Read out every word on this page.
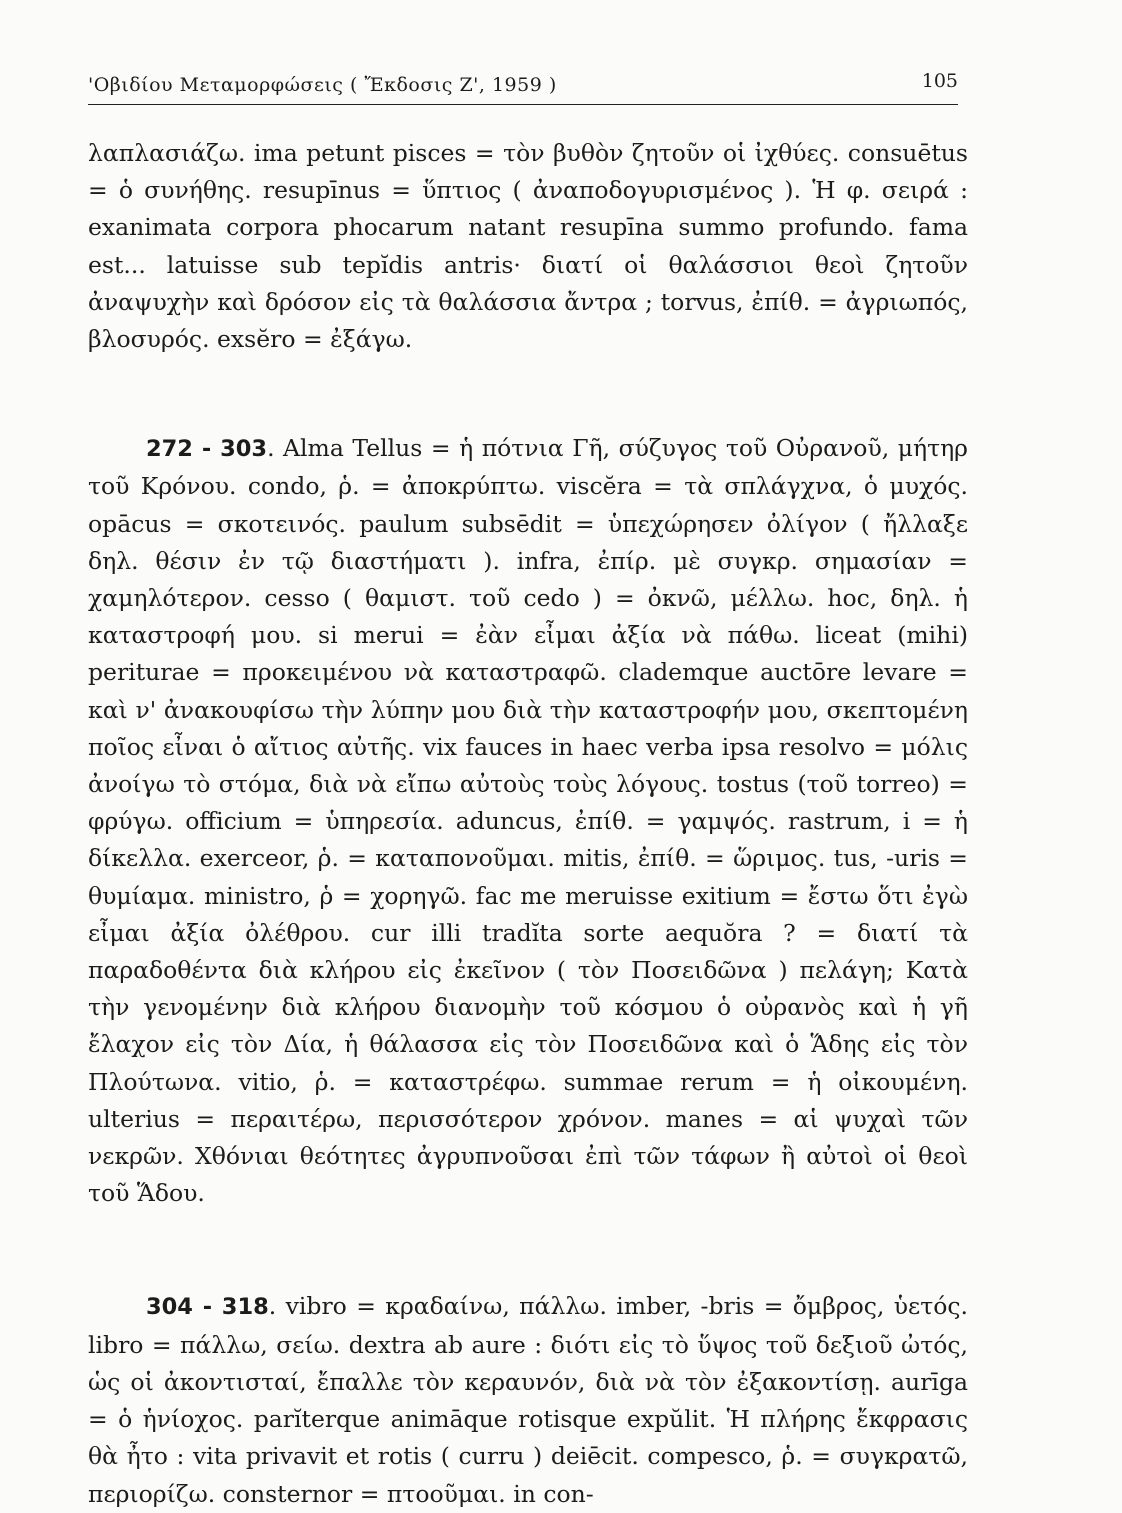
'Οβιδίου Μεταμορφώσεις ( Ἔκδοσις Ζ', 1959 )	105

λαπλασιάζω. ima petunt pisces = τὸν βυθὸν ζητοῦν οἱ ἰχθύες. consuētus = ὁ συνήθης. resupīnus = ὕπτιος ( ἀναποδογυρισμένος ). Ἡ φ. σειρά : exanimata corpora phocarum natant resupīna summo profundo. fama est... latuisse sub tepĭdis antris· διατί οἱ θαλάσσιοι θεοὶ ζητοῦν ἀναψυχὴν καὶ δρόσον εἰς τὰ θαλάσσια ἄντρα ; torvus, ἐπίθ. = ἀγριωπός, βλοσυρός. exsĕro = ἐξάγω.

272 - 303. Alma Tellus = ἡ πότνια Γῆ, σύζυγος τοῦ Οὐρανοῦ, μήτηρ τοῦ Κρόνου. condo, ῥ. = ἀποκρύπτω. viscĕra = τὰ σπλάγχνα, ὁ μυχός. opācus = σκοτεινός. paulum subsēdit = ὑπεχώρησεν ὀλίγον ( ἤλλαξε δηλ. θέσιν ἐν τῷ διαστήματι ). infra, ἐπίρ. μὲ συγκρ. σημασίαν = χαμηλότερον. cesso ( θαμιστ. τοῦ cedo ) = ὀκνῶ, μέλλω. hoc, δηλ. ἡ καταστροφή μου. si merui = ἐὰν εἶμαι ἀξία νὰ πάθω. liceat (mihi) periturae = προκειμένου νὰ καταστραφῶ. clademque auctōre levare = καὶ ν' ἀνακουφίσω τὴν λύπην μου διὰ τὴν καταστροφήν μου, σκεπτομένη ποῖος εἶναι ὁ αἴτιος αὐτῆς. vix fauces in haec verba ipsa resolvo = μόλις ἀνοίγω τὸ στόμα, διὰ νὰ εἴπω αὐτοὺς τοὺς λόγους. tostus (τοῦ torreo) = φρύγω. officium = ὑπηρεσία. aduncus, ἐπίθ. = γαμψός. rastrum, i = ἡ δίκελλα. exerceor, ῥ. = καταπονοῦμαι. mitis, ἐπίθ. = ὥριμος. tus, -uris = θυμίαμα. ministro, ῥ = χορηγῶ. fac me meruisse exitium = ἔστω ὅτι ἐγὼ εἶμαι ἀξία ὀλέθρου. cur illi tradĭta sorte aequŏra ? = διατί τὰ παραδοθέντα διὰ κλήρου εἰς ἐκεῖνον ( τὸν Ποσειδῶνα ) πελάγη; Κατὰ τὴν γενομένην διὰ κλήρου διανομὴν τοῦ κόσμου ὁ οὐρανὸς καὶ ἡ γῆ ἔλαχον εἰς τὸν Δία, ἡ θάλασσα εἰς τὸν Ποσειδῶνα καὶ ὁ Ἅδης εἰς τὸν Πλούτωνα. vitio, ῥ. = καταστρέφω. summae rerum = ἡ οἰκουμένη. ulterius = περαιτέρω, περισσότερον χρόνον. manes = αἱ ψυχαὶ τῶν νεκρῶν. Χθόνιαι θεότητες ἀγρυπνοῦσαι ἐπὶ τῶν τάφων ἢ αὐτοὶ οἱ θεοὶ τοῦ Ἅδου.

304 - 318. vibro = κραδαίνω, πάλλω. imber, -bris = ὄμβρος, ὑετός. libro = πάλλω, σείω. dextra ab aure : διότι εἰς τὸ ὕψος τοῦ δεξιοῦ ὠτός, ὡς οἱ ἀκοντισταί, ἔπαλλε τὸν κεραυνόν, διὰ νὰ τὸν ἐξακοντίσῃ. aurīga = ὁ ἡνίοχος. parĭterque animāque rotisque expŭlit. Ἡ πλήρης ἔκφρασις θὰ ἦτο : vita privavit et rotis ( curru ) deiēcit. compesco, ῥ. = συγκρατῶ, περιορίζω. consternor = πτοοῦμαι. in con-
